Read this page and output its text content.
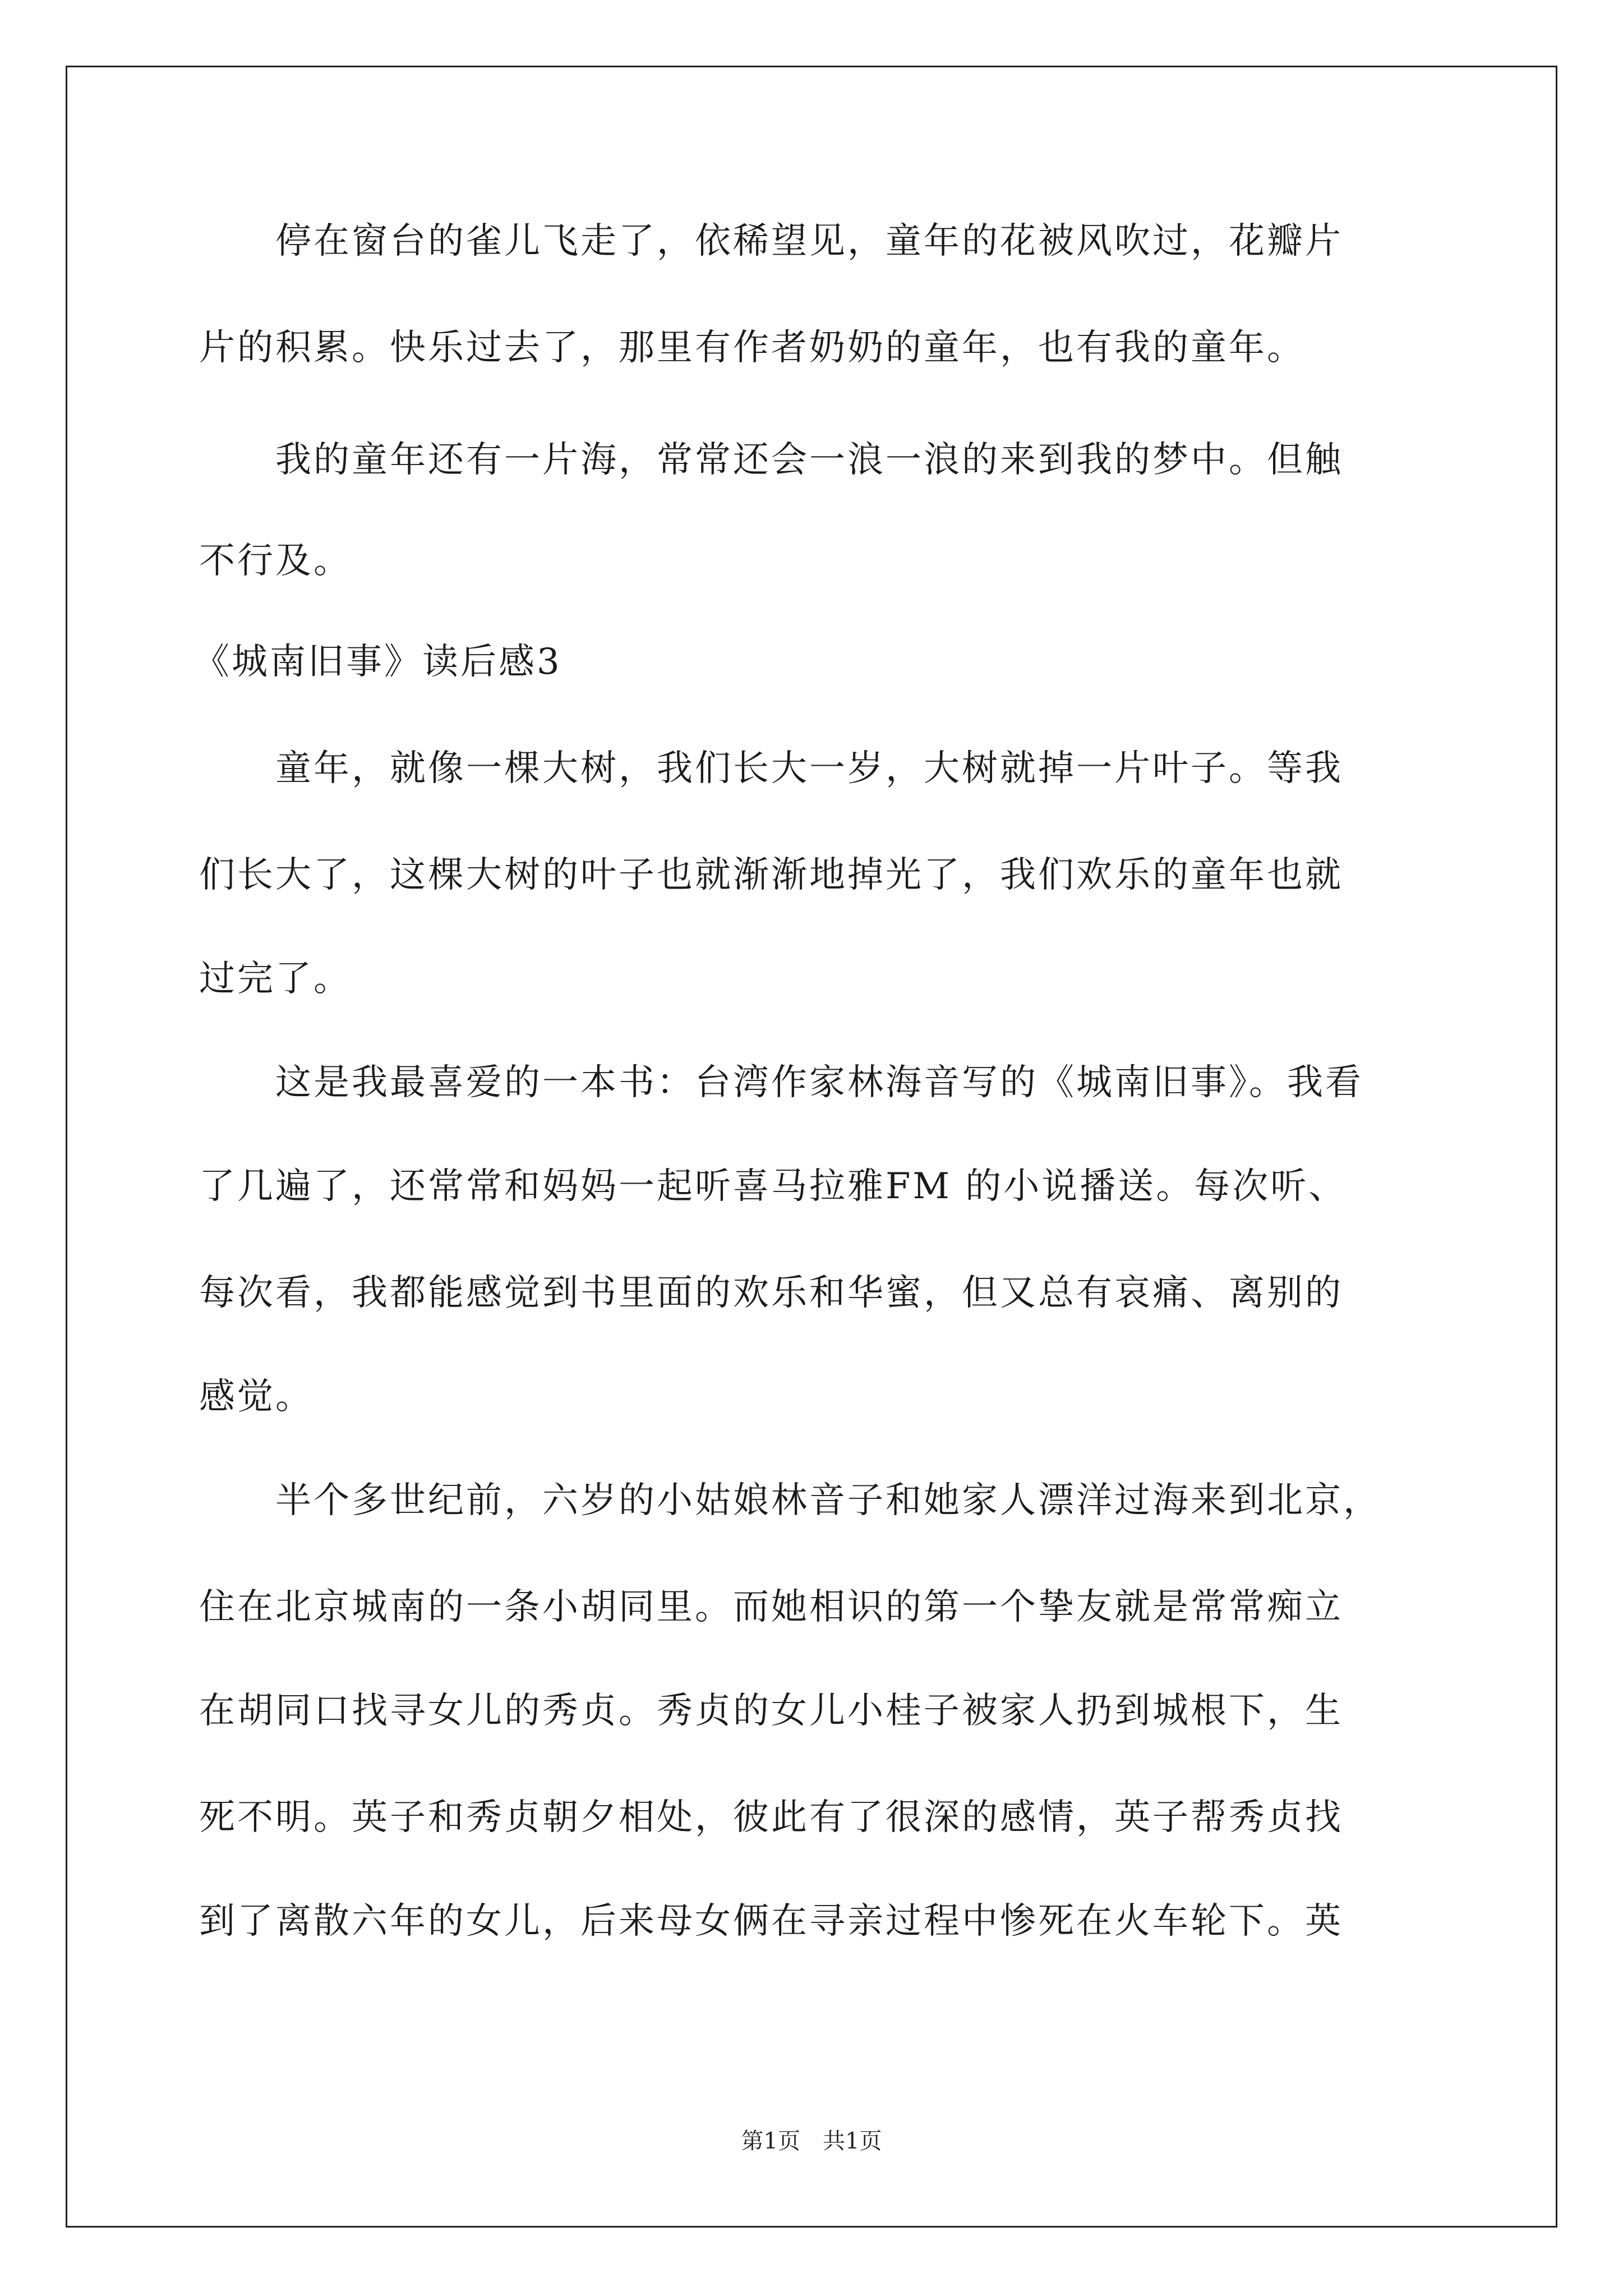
　　停在窗台的雀儿飞走了，依稀望见，童年的花被风吹过，花瓣片
片的积累。快乐过去了，那里有作者奶奶的童年，也有我的童年。
　　我的童年还有一片海，常常还会一浪一浪的来到我的梦中。但触
不行及。
《城南旧事》读后感3
　　童年，就像一棵大树，我们长大一岁，大树就掉一片叶子。等我
们长大了，这棵大树的叶子也就渐渐地掉光了，我们欢乐的童年也就
过完了。
　　这是我最喜爱的一本书：台湾作家林海音写的《城南旧事》。我看
了几遍了，还常常和妈妈一起听喜马拉雅FM 的小说播送。每次听、
每次看，我都能感觉到书里面的欢乐和华蜜，但又总有哀痛、离别的
感觉。
　　半个多世纪前，六岁的小姑娘林音子和她家人漂洋过海来到北京，
住在北京城南的一条小胡同里。而她相识的第一个挚友就是常常痴立
在胡同口找寻女儿的秀贞。秀贞的女儿小桂子被家人扔到城根下，生
死不明。英子和秀贞朝夕相处，彼此有了很深的感情，英子帮秀贞找
到了离散六年的女儿，后来母女俩在寻亲过程中惨死在火车轮下。英
第1页　共1页
